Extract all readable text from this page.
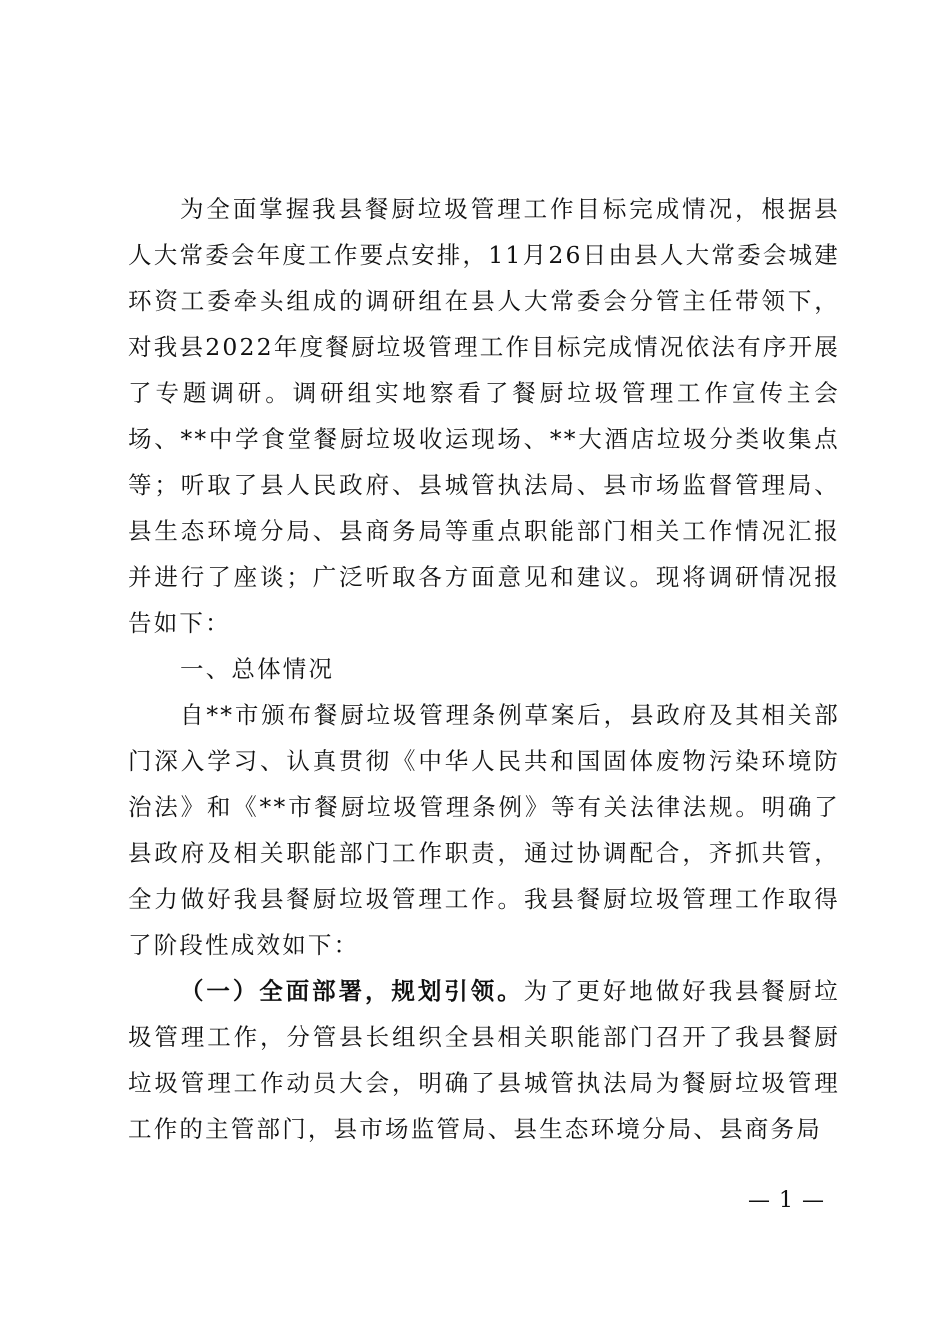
为全面掌握我县餐厨垃圾管理工作目标完成情况，根据县人大常委会年度工作要点安排，11月26日由县人大常委会城建环资工委牵头组成的调研组在县人大常委会分管主任带领下，对我县2022年度餐厨垃圾管理工作目标完成情况依法有序开展了专题调研。调研组实地察看了餐厨垃圾管理工作宣传主会场、**中学食堂餐厨垃圾收运现场、**大酒店垃圾分类收集点等；听取了县人民政府、县城管执法局、县市场监督管理局、县生态环境分局、县商务局等重点职能部门相关工作情况汇报并进行了座谈；广泛听取各方面意见和建议。现将调研情况报告如下：

一、总体情况

自**市颁布餐厨垃圾管理条例草案后，县政府及其相关部门深入学习、认真贯彻《中华人民共和国固体废物污染环境防治法》和《**市餐厨垃圾管理条例》等有关法律法规。明确了县政府及相关职能部门工作职责，通过协调配合，齐抓共管，全力做好我县餐厨垃圾管理工作。我县餐厨垃圾管理工作取得了阶段性成效如下：

（一）全面部署，规划引领。为了更好地做好我县餐厨垃圾管理工作，分管县长组织全县相关职能部门召开了我县餐厨垃圾管理工作动员大会，明确了县城管执法局为餐厨垃圾管理工作的主管部门，县市场监管局、县生态环境分局、县商务局

— 1 —
